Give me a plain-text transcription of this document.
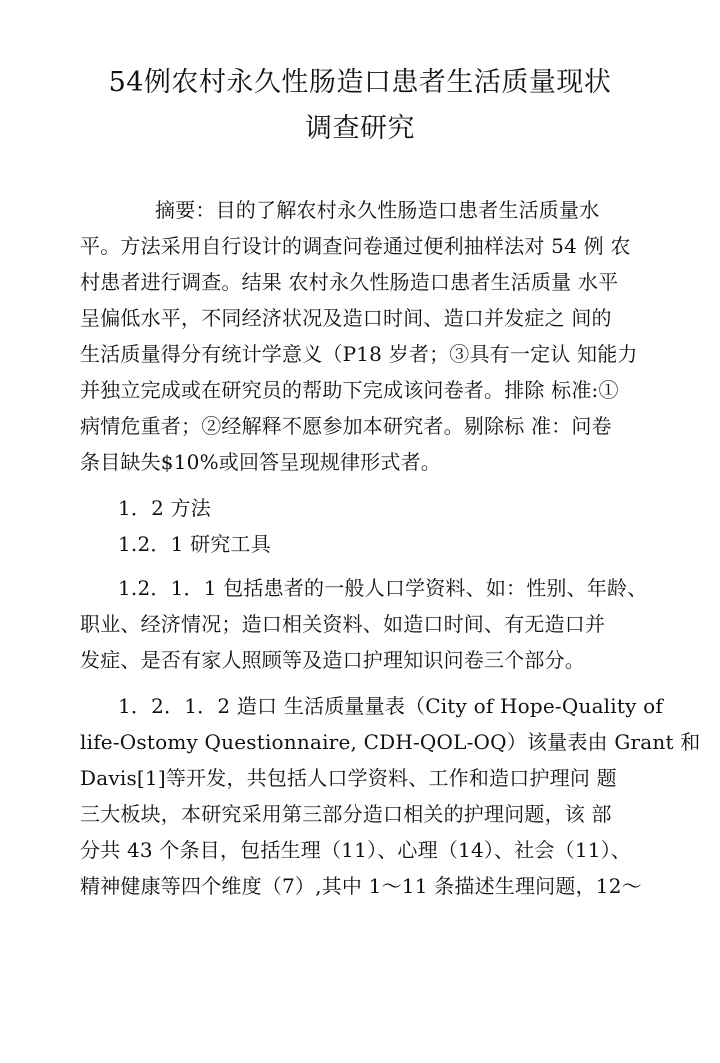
54例农村永久性肠造口患者生活质量现状
调查研究
摘要：目的了解农村永久性肠造口患者生活质量水
平。方法采用自行设计的调查问卷通过便利抽样法对 54 例 农
村患者进行调查。结果 农村永久性肠造口患者生活质量 水平
呈偏低水平，不同经济状况及造口时间、造口并发症之 间的
生活质量得分有统计学意义（P18 岁者；③具有一定认 知能力
并独立完成或在研究员的帮助下完成该问卷者。排除 标准:①
病情危重者；②经解释不愿参加本研究者。剔除标 准：问卷
条目缺失$10%或回答呈现规律形式者。
1．2 方法
1.2．1 研究工具
1.2．1．1 包括患者的一般人口学资料、如：性别、年龄、
职业、经济情况；造口相关资料、如造口时间、有无造口并
发症、是否有家人照顾等及造口护理知识问卷三个部分。
1．2．1．2 造口 生活质量量表（City of Hope-Quality of
life-Ostomy Questionnaire, CDH-QOL-OQ）该量表由 Grant 和
Davis[1]等开发，共包括人口学资料、工作和造口护理问 题
三大板块，本研究采用第三部分造口相关的护理问题，该 部
分共 43 个条目，包括生理（11）、心理（14）、社会（11）、
精神健康等四个维度（7）,其中 1～11 条描述生理问题，12～
